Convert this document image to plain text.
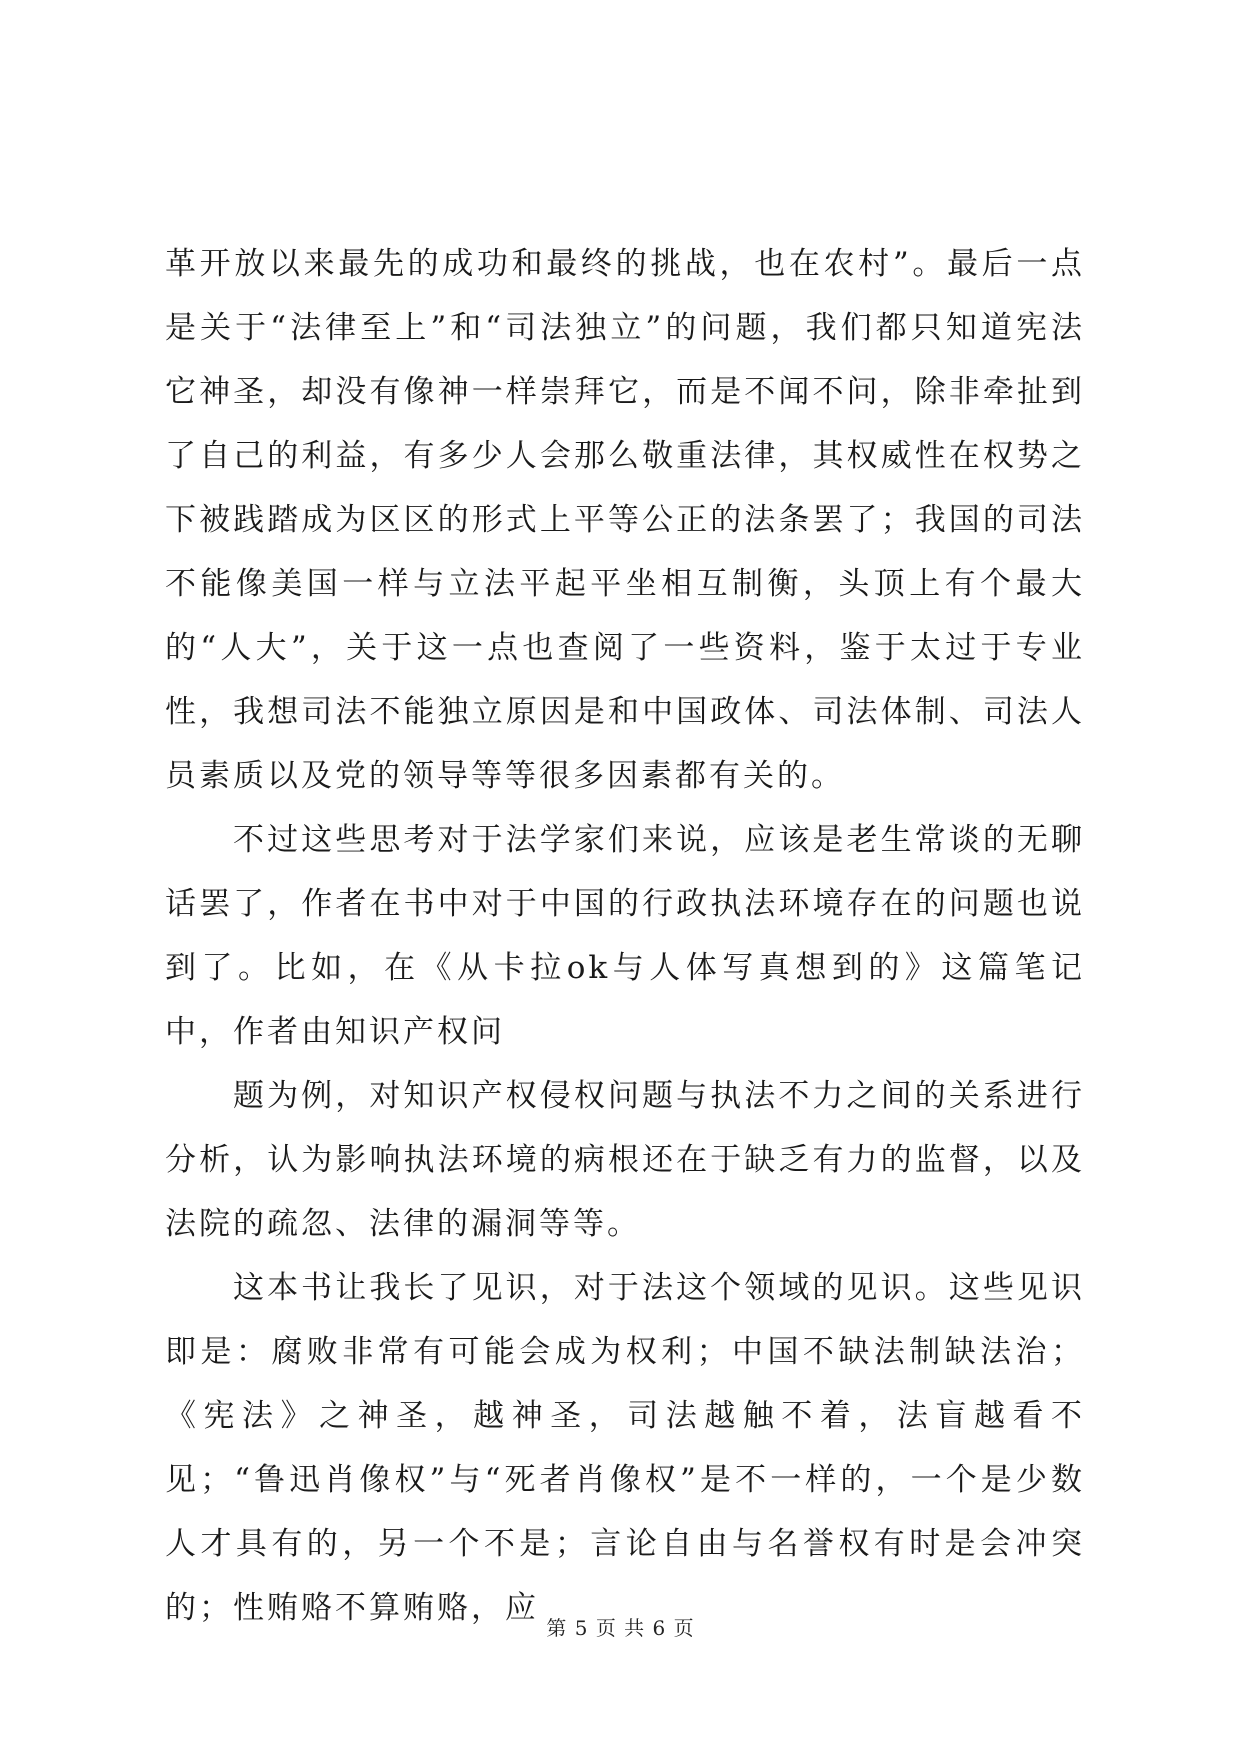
革开放以来最先的成功和最终的挑战，也在农村”。最后一点是关于“法律至上”和“司法独立”的问题，我们都只知道宪法它神圣，却没有像神一样崇拜它，而是不闻不问，除非牵扯到了自己的利益，有多少人会那么敬重法律，其权威性在权势之下被践踏成为区区的形式上平等公正的法条罢了；我国的司法不能像美国一样与立法平起平坐相互制衡，头顶上有个最大的“人大”，关于这一点也查阅了一些资料，鉴于太过于专业性，我想司法不能独立原因是和中国政体、司法体制、司法人员素质以及党的领导等等很多因素都有关的。

不过这些思考对于法学家们来说，应该是老生常谈的无聊话罢了，作者在书中对于中国的行政执法环境存在的问题也说到了。比如，在《从卡拉ok与人体写真想到的》这篇笔记中，作者由知识产权问

题为例，对知识产权侵权问题与执法不力之间的关系进行分析，认为影响执法环境的病根还在于缺乏有力的监督，以及法院的疏忽、法律的漏洞等等。

这本书让我长了见识，对于法这个领域的见识。这些见识即是：腐败非常有可能会成为权利；中国不缺法制缺法治；《宪法》之神圣，越神圣，司法越触不着，法盲越看不见；“鲁迅肖像权”与“死者肖像权”是不一样的，一个是少数人才具有的，另一个不是；言论自由与名誉权有时是会冲突的；性贿赂不算贿赂，应

第 5 页 共 6 页
